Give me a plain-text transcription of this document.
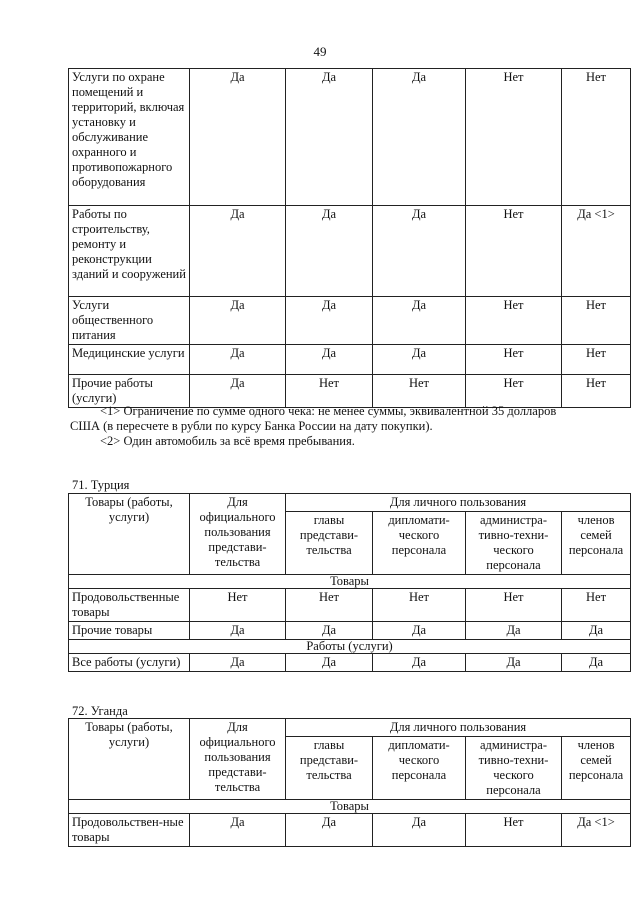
49
Услуги по охране помещений и территорий, включая установку и обслуживание охранного и противопожарного оборудования	Да	Да	Да	Нет	Нет
Работы по строительству, ремонту и реконструкции зданий и сооружений	Да	Да	Да	Нет	Да <1>
Услуги общественного питания	Да	Да	Да	Нет	Нет
Медицинские услуги	Да	Да	Да	Нет	Нет
Прочие работы (услуги)	Да	Нет	Нет	Нет	Нет

<1> Ограничение по сумме одного чека: не менее суммы, эквивалентной 35 долларов

США (в пересчете в рубли по курсу Банка России на дату покупки).

<2> Один автомобиль за всё время пребывания.

71. Турция
Товары (работы, услуги)	Для официального пользования представи-тельства	Для личного пользования			
		главы представи-тельства	дипломати-ческого персонала	администра-тивно-техни-ческого персонала	членов семей персонала
Товары					
Продовольственные товары	Нет	Нет	Нет	Нет	Нет
Прочие товары	Да	Да	Да	Да	Да
Работы (услуги)					
Все работы (услуги)	Да	Да	Да	Да	Да
72. Уганда
Товары (работы, услуги)	Для официального пользования представи-тельства	Для личного пользования			
		главы представи-тельства	дипломати-ческого персонала	администра-тивно-техни-ческого персонала	членов семей персонала
Товары					
Продовольствен-ные товары	Да	Да	Да	Нет	Да <1>
